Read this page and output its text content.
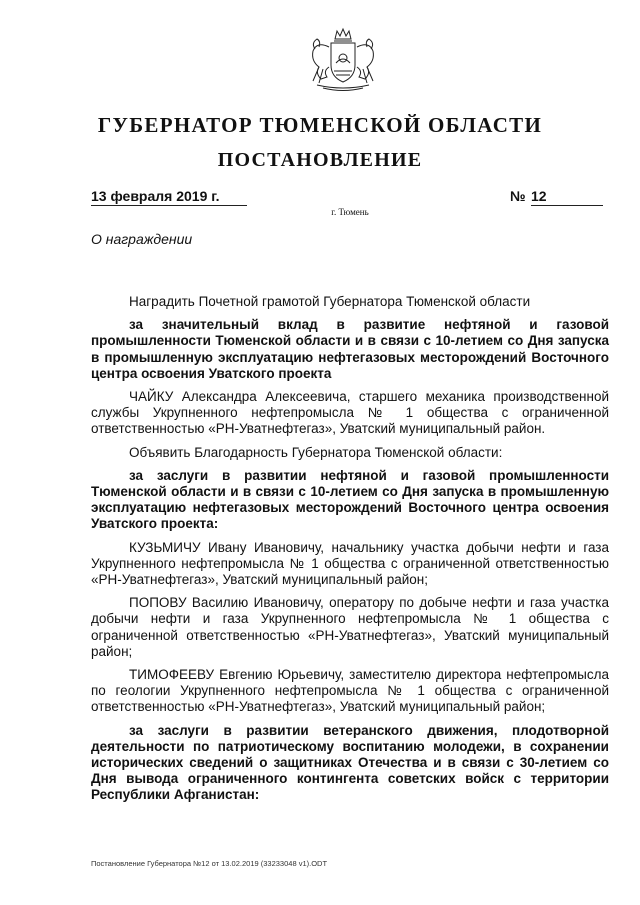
ГУБЕРНАТОР ТЮМЕНСКОЙ ОБЛАСТИ
ПОСТАНОВЛЕНИЕ
13 февраля 2019 г.	№ 12
г. Тюмень
О награждении

Наградить Почетной грамотой Губернатора Тюменской области

за значительный вклад в развитие нефтяной и газовой промышленности Тюменской области и в связи с 10-летием со Дня запуска в промышленную эксплуатацию нефтегазовых месторождений Восточного центра освоения Уватского проекта

ЧАЙКУ Александра Алексеевича, старшего механика производственной службы Укрупненного нефтепромысла № 1 общества с ограниченной ответственностью «РН-Уватнефтегаз», Уватский муниципальный район.

Объявить Благодарность Губернатора Тюменской области:

за заслуги в развитии нефтяной и газовой промышленности Тюменской области и в связи с 10-летием со Дня запуска в промышленную эксплуатацию нефтегазовых месторождений Восточного центра освоения Уватского проекта:

КУЗЬМИЧУ Ивану Ивановичу, начальнику участка добычи нефти и газа Укрупненного нефтепромысла № 1 общества с ограниченной ответственностью «РН-Уватнефтегаз», Уватский муниципальный район;

ПОПОВУ Василию Ивановичу, оператору по добыче нефти и газа участка добычи нефти и газа Укрупненного нефтепромысла № 1 общества с ограниченной ответственностью «РН-Уватнефтегаз», Уватский муниципальный район;

ТИМОФЕЕВУ Евгению Юрьевичу, заместителю директора нефтепромысла по геологии Укрупненного нефтепромысла № 1 общества с ограниченной ответственностью «РН-Уватнефтегаз», Уватский муниципальный район;

за заслуги в развитии ветеранского движения, плодотворной деятельности по патриотическому воспитанию молодежи, в сохранении исторических сведений о защитниках Отечества и в связи с 30-летием со Дня вывода ограниченного контингента советских войск с территории Республики Афганистан:

Постановление Губернатора №12 от 13.02.2019 (33233048 v1).ODT
